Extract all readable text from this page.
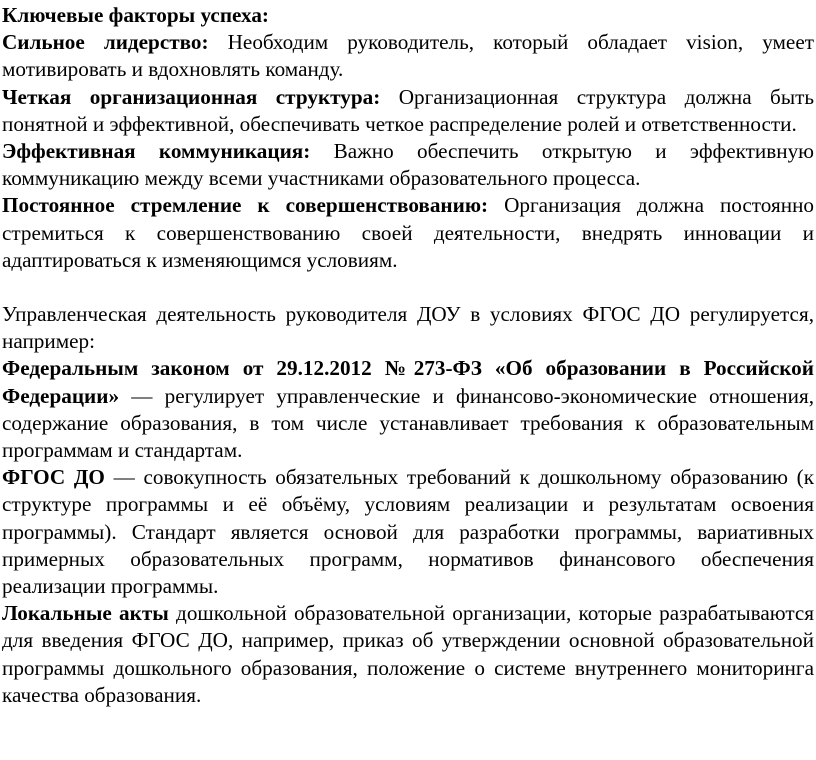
Ключевые факторы успеха:

Сильное лидерство: Необходим руководитель, который обладает vision, умеет мотивировать и вдохновлять команду.

Четкая организационная структура: Организационная структура должна быть понятной и эффективной, обеспечивать четкое распределение ролей и ответственности.

Эффективная коммуникация: Важно обеспечить открытую и эффективную коммуникацию между всеми участниками образовательного процесса.

Постоянное стремление к совершенствованию: Организация должна постоянно стремиться к совершенствованию своей деятельности, внедрять инновации и адаптироваться к изменяющимся условиям.

Управленческая деятельность руководителя ДОУ в условиях ФГОС ДО регулируется, например:

Федеральным законом от 29.12.2012 №273-ФЗ «Об образовании в Российской Федерации» — регулирует управленческие и финансово-экономические отношения, содержание образования, в том числе устанавливает требования к образовательным программам и стандартам.

ФГОС ДО — совокупность обязательных требований к дошкольному образованию (к структуре программы и её объёму, условиям реализации и результатам освоения программы). Стандарт является основой для разработки программы, вариативных примерных образовательных программ, нормативов финансового обеспечения реализации программы.

Локальные акты дошкольной образовательной организации, которые разрабатываются для введения ФГОС ДО, например, приказ об утверждении основной образовательной программы дошкольного образования, положение о системе внутреннего мониторинга качества образования.
